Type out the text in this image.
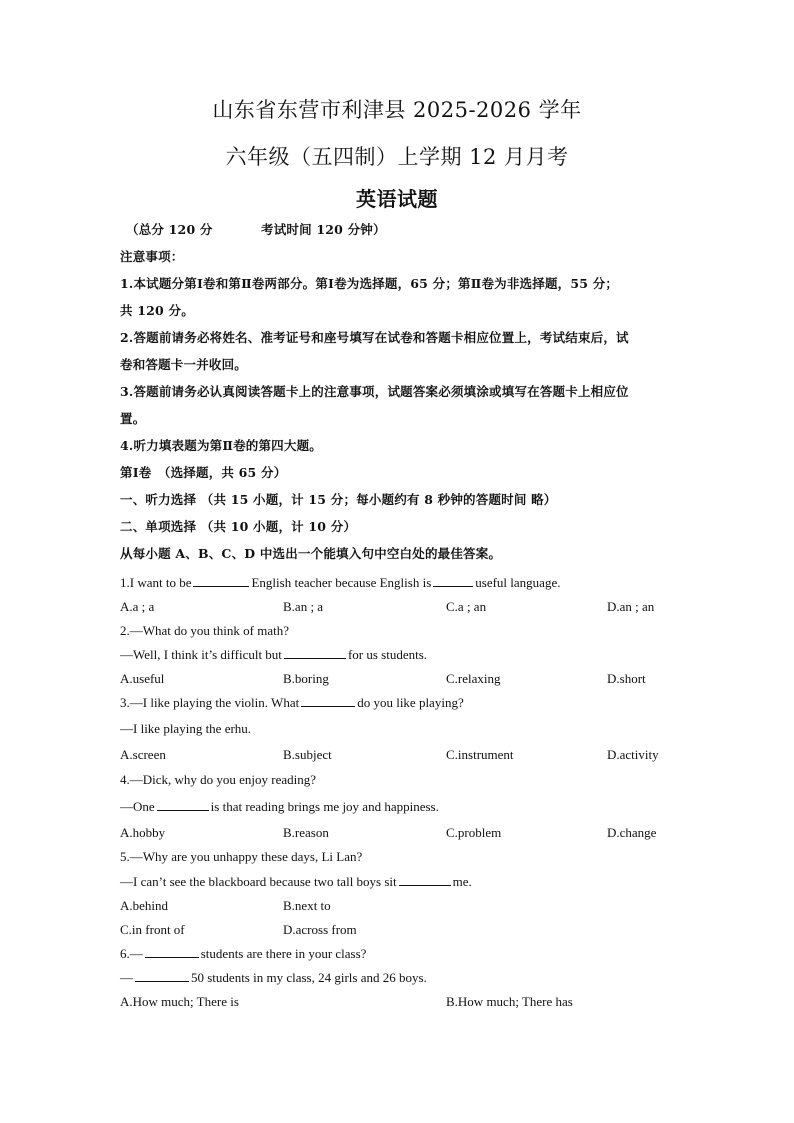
山东省东营市利津县 2025-2026 学年
六年级（五四制）上学期 12 月月考
英语试题
（总分 120 分	考试时间 120 分钟）
注意事项：
1.本试题分第Ⅰ卷和第Ⅱ卷两部分。第Ⅰ卷为选择题，65 分；第Ⅱ卷为非选择题，55 分；
共 120 分。
2.答题前请务必将姓名、准考证号和座号填写在试卷和答题卡相应位置上，考试结束后，试
卷和答题卡一并收回。
3.答题前请务必认真阅读答题卡上的注意事项，试题答案必须填涂或填写在答题卡上相应位
置。
4.听力填表题为第Ⅱ卷的第四大题。
第Ⅰ卷　（选择题，共 65 分）
一、听力选择 （共 15 小题，计 15 分；每小题约有 8 秒钟的答题时间 略）
二、单项选择 （共 10 小题，计 10 分）
从每小题 A、B、C、D 中选出一个能填入句中空白处的最佳答案。
1.I want to be	English teacher because English is	useful language.
A.a ; a	B.an ; a	C.a ; an	D.an ; an
2.—What do you think of math?
—Well, I think it’s difficult but	for us students.
A.useful	B.boring	C.relaxing	D.short
3.—I like playing the violin. What	do you like playing?
—I like playing the erhu.
A.screen	B.subject	C.instrument	D.activity
4.—Dick, why do you enjoy reading?
—One	is that reading brings me joy and happiness.
A.hobby	B.reason	C.problem	D.change
5.—Why are you unhappy these days, Li Lan?
—I can’t see the blackboard because two tall boys sit	me.
A.behind	B.next to
C.in front of	D.across from
6.—	students are there in your class?
—	50 students in my class, 24 girls and 26 boys.
A.How much; There is	B.How much; There has
